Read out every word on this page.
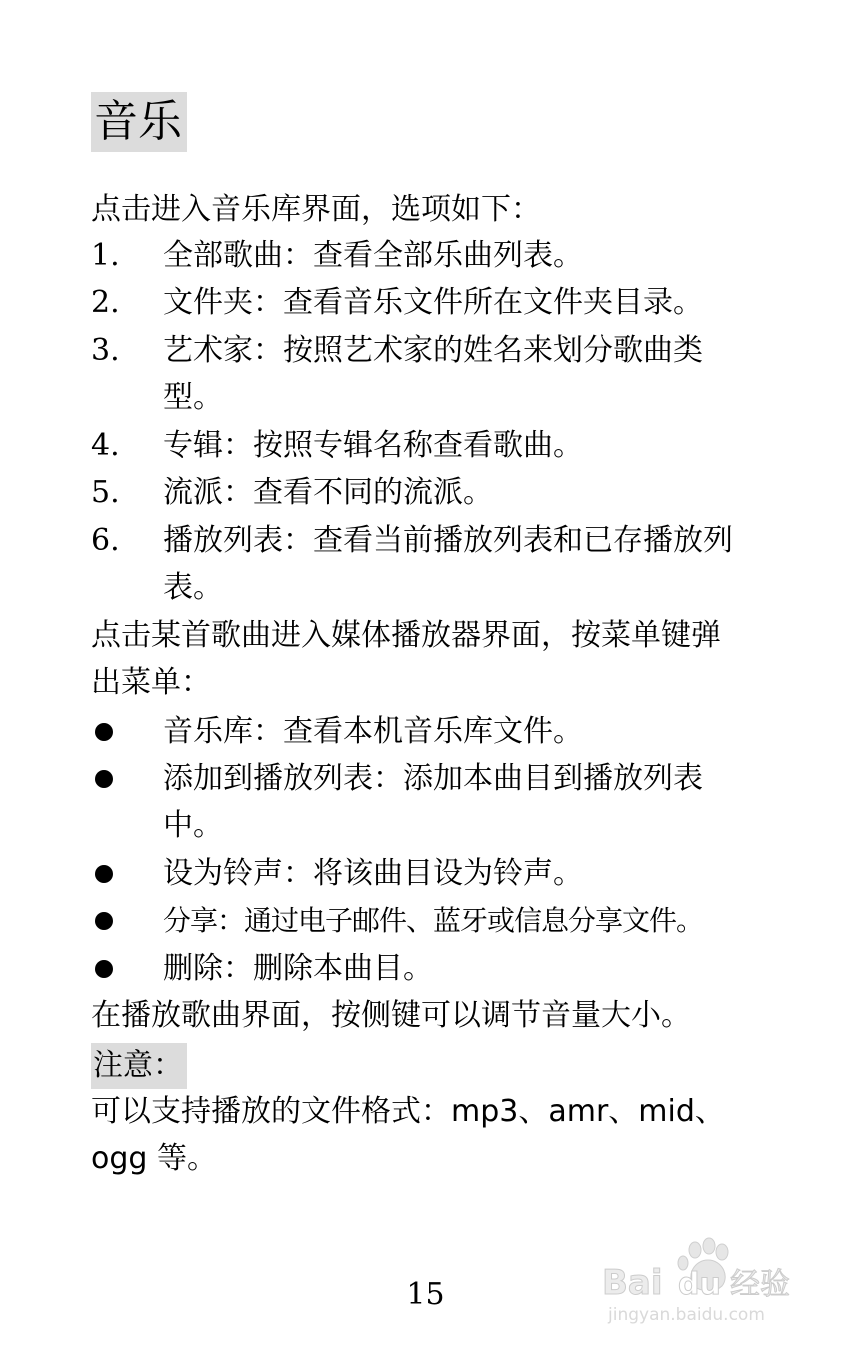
音乐
点击进入音乐库界面，选项如下：
1. 全部歌曲：查看全部乐曲列表。
2. 文件夹：查看音乐文件所在文件夹目录。
3. 艺术家：按照艺术家的姓名来划分歌曲类
型。
4. 专辑：按照专辑名称查看歌曲。
5. 流派：查看不同的流派。
6. 播放列表：查看当前播放列表和已存播放列
表。
点击某首歌曲进入媒体播放器界面，按菜单键弹
出菜单：
音乐库：查看本机音乐库文件。
添加到播放列表：添加本曲目到播放列表
中。
设为铃声：将该曲目设为铃声。
分享：通过电子邮件、蓝牙或信息分享文件。
删除：删除本曲目。
在播放歌曲界面，按侧键可以调节音量大小。
注意：
可以支持播放的文件格式：mp3、amr、mid、
ogg 等。
15	Bai du 经验
jingyan.baidu.com
